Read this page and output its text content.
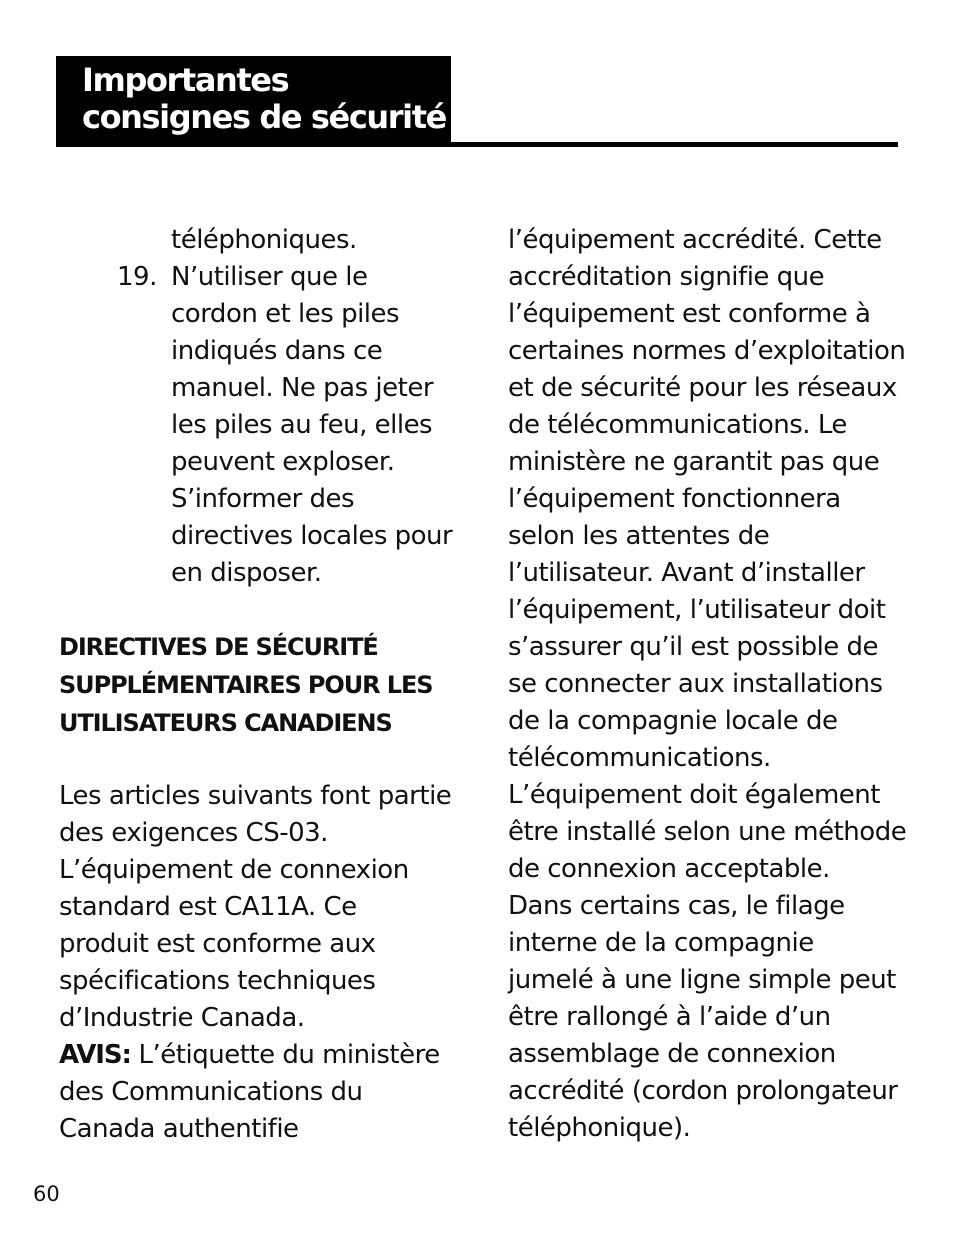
Importantes
consignes de sécurité
téléphoniques.
19. N’utiliser que le
cordon et les piles
indiqués dans ce
manuel. Ne pas jeter
les piles au feu, elles
peuvent exploser.
S’informer des
directives locales pour
en disposer.
DIRECTIVES DE SÉCURITÉ
SUPPLÉMENTAIRES POUR LES
UTILISATEURS CANADIENS
Les articles suivants font partie
des exigences CS-03.
L’équipement de connexion
standard est CA11A. Ce
produit est conforme aux
spécifications techniques
d’Industrie Canada.
AVIS: L’étiquette du ministère
des Communications du
Canada authentifie
l’équipement accrédité. Cette
accréditation signifie que
l’équipement est conforme à
certaines normes d’exploitation
et de sécurité pour les réseaux
de télécommunications. Le
ministère ne garantit pas que
l’équipement fonctionnera
selon les attentes de
l’utilisateur. Avant d’installer
l’équipement, l’utilisateur doit
s’assurer qu’il est possible de
se connecter aux installations
de la compagnie locale de
télécommunications.
L’équipement doit également
être installé selon une méthode
de connexion acceptable.
Dans certains cas, le filage
interne de la compagnie
jumelé à une ligne simple peut
être rallongé à l’aide d’un
assemblage de connexion
accrédité (cordon prolongateur
téléphonique).
60
